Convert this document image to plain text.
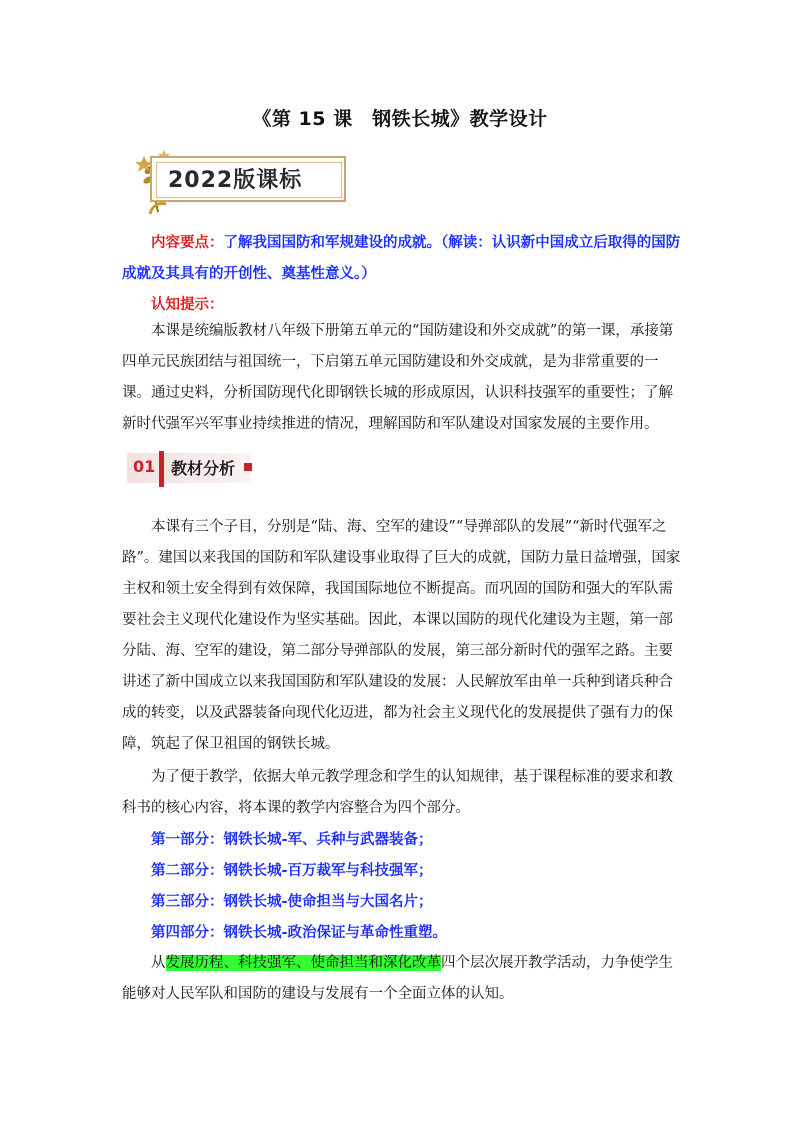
《第 15 课　钢铁长城》教学设计
2022版课标

内容要点：了解我国国防和军规建设的成就。（解读：认识新中国成立后取得的国防成就及其具有的开创性、奠基性意义。）

认知提示：

本课是统编版教材八年级下册第五单元的“国防建设和外交成就”的第一课，承接第四单元民族团结与祖国统一，下启第五单元国防建设和外交成就，是为非常重要的一课。通过史料，分析国防现代化即钢铁长城的形成原因，认识科技强军的重要性；了解新时代强军兴军事业持续推进的情况，理解国防和军队建设对国家发展的主要作用。

01 教材分析

本课有三个子目，分别是“陆、海、空军的建设”“导弹部队的发展”“新时代强军之路”。建国以来我国的国防和军队建设事业取得了巨大的成就，国防力量日益增强，国家主权和领土安全得到有效保障，我国国际地位不断提高。而巩固的国防和强大的军队需要社会主义现代化建设作为坚实基础。因此，本课以国防的现代化建设为主题，第一部分陆、海、空军的建设，第二部分导弹部队的发展，第三部分新时代的强军之路。主要讲述了新中国成立以来我国国防和军队建设的发展：人民解放军由单一兵种到诸兵种合成的转变，以及武器装备向现代化迈进，都为社会主义现代化的发展提供了强有力的保障，筑起了保卫祖国的钢铁长城。

为了便于教学，依据大单元教学理念和学生的认知规律，基于课程标准的要求和教科书的核心内容，将本课的教学内容整合为四个部分。

第一部分：钢铁长城-军、兵种与武器装备；

第二部分：钢铁长城-百万裁军与科技强军；

第三部分：钢铁长城-使命担当与大国名片；

第四部分：钢铁长城-政治保证与革命性重塑。

从发展历程、科技强军、使命担当和深化改革四个层次展开教学活动，力争使学生能够对人民军队和国防的建设与发展有一个全面立体的认知。
